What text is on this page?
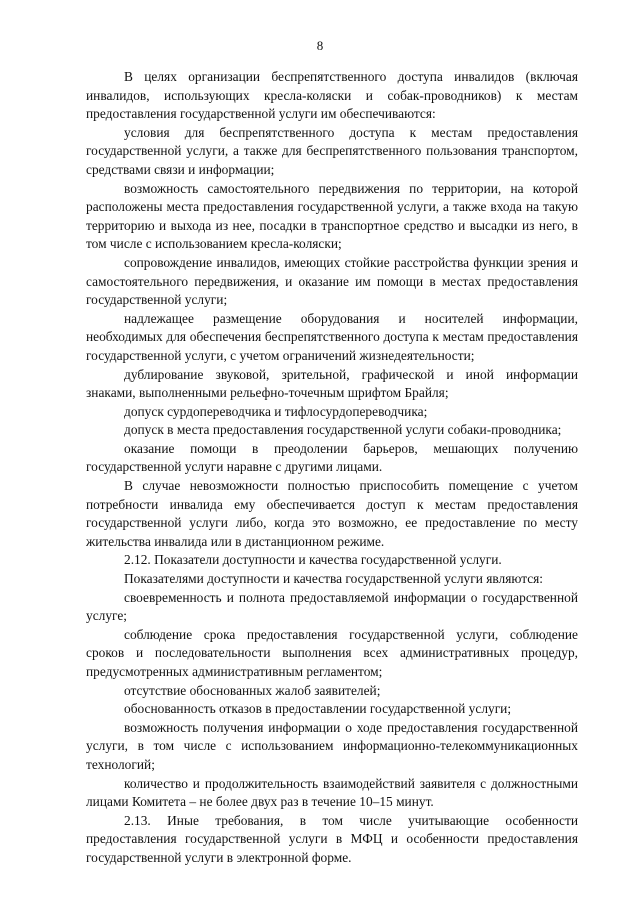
8

В целях организации беспрепятственного доступа инвалидов (включая инвалидов, использующих кресла-коляски и собак-проводников) к местам предоставления государственной услуги им обеспечиваются:

условия для беспрепятственного доступа к местам предоставления государственной услуги, а также для беспрепятственного пользования транспортом, средствами связи и информации;

возможность самостоятельного передвижения по территории, на которой расположены места предоставления государственной услуги, а также входа на такую территорию и выхода из нее, посадки в транспортное средство и высадки из него, в том числе с использованием кресла-коляски;

сопровождение инвалидов, имеющих стойкие расстройства функции зрения и самостоятельного передвижения, и оказание им помощи в местах предоставления государственной услуги;

надлежащее размещение оборудования и носителей информации, необходимых для обеспечения беспрепятственного доступа к местам предоставления государственной услуги, с учетом ограничений жизнедеятельности;

дублирование звуковой, зрительной, графической и иной информации знаками, выполненными рельефно-точечным шрифтом Брайля;

допуск сурдопереводчика и тифлосурдопереводчика;

допуск в места предоставления государственной услуги собаки-проводника;

оказание помощи в преодолении барьеров, мешающих получению государственной услуги наравне с другими лицами.

В случае невозможности полностью приспособить помещение с учетом потребности инвалида ему обеспечивается доступ к местам предоставления государственной услуги либо, когда это возможно, ее предоставление по месту жительства инвалида или в дистанционном режиме.

2.12. Показатели доступности и качества государственной услуги.

Показателями доступности и качества государственной услуги являются:

своевременность и полнота предоставляемой информации о государственной услуге;

соблюдение срока предоставления государственной услуги, соблюдение сроков и последовательности выполнения всех административных процедур, предусмотренных административным регламентом;

отсутствие обоснованных жалоб заявителей;

обоснованность отказов в предоставлении государственной услуги;

возможность получения информации о ходе предоставления государственной услуги, в том числе с использованием информационно-телекоммуникационных технологий;

количество и продолжительность взаимодействий заявителя с должностными лицами Комитета – не более двух раз в течение 10–15 минут.

2.13. Иные требования, в том числе учитывающие особенности предоставления государственной услуги в МФЦ и особенности предоставления государственной услуги в электронной форме.
